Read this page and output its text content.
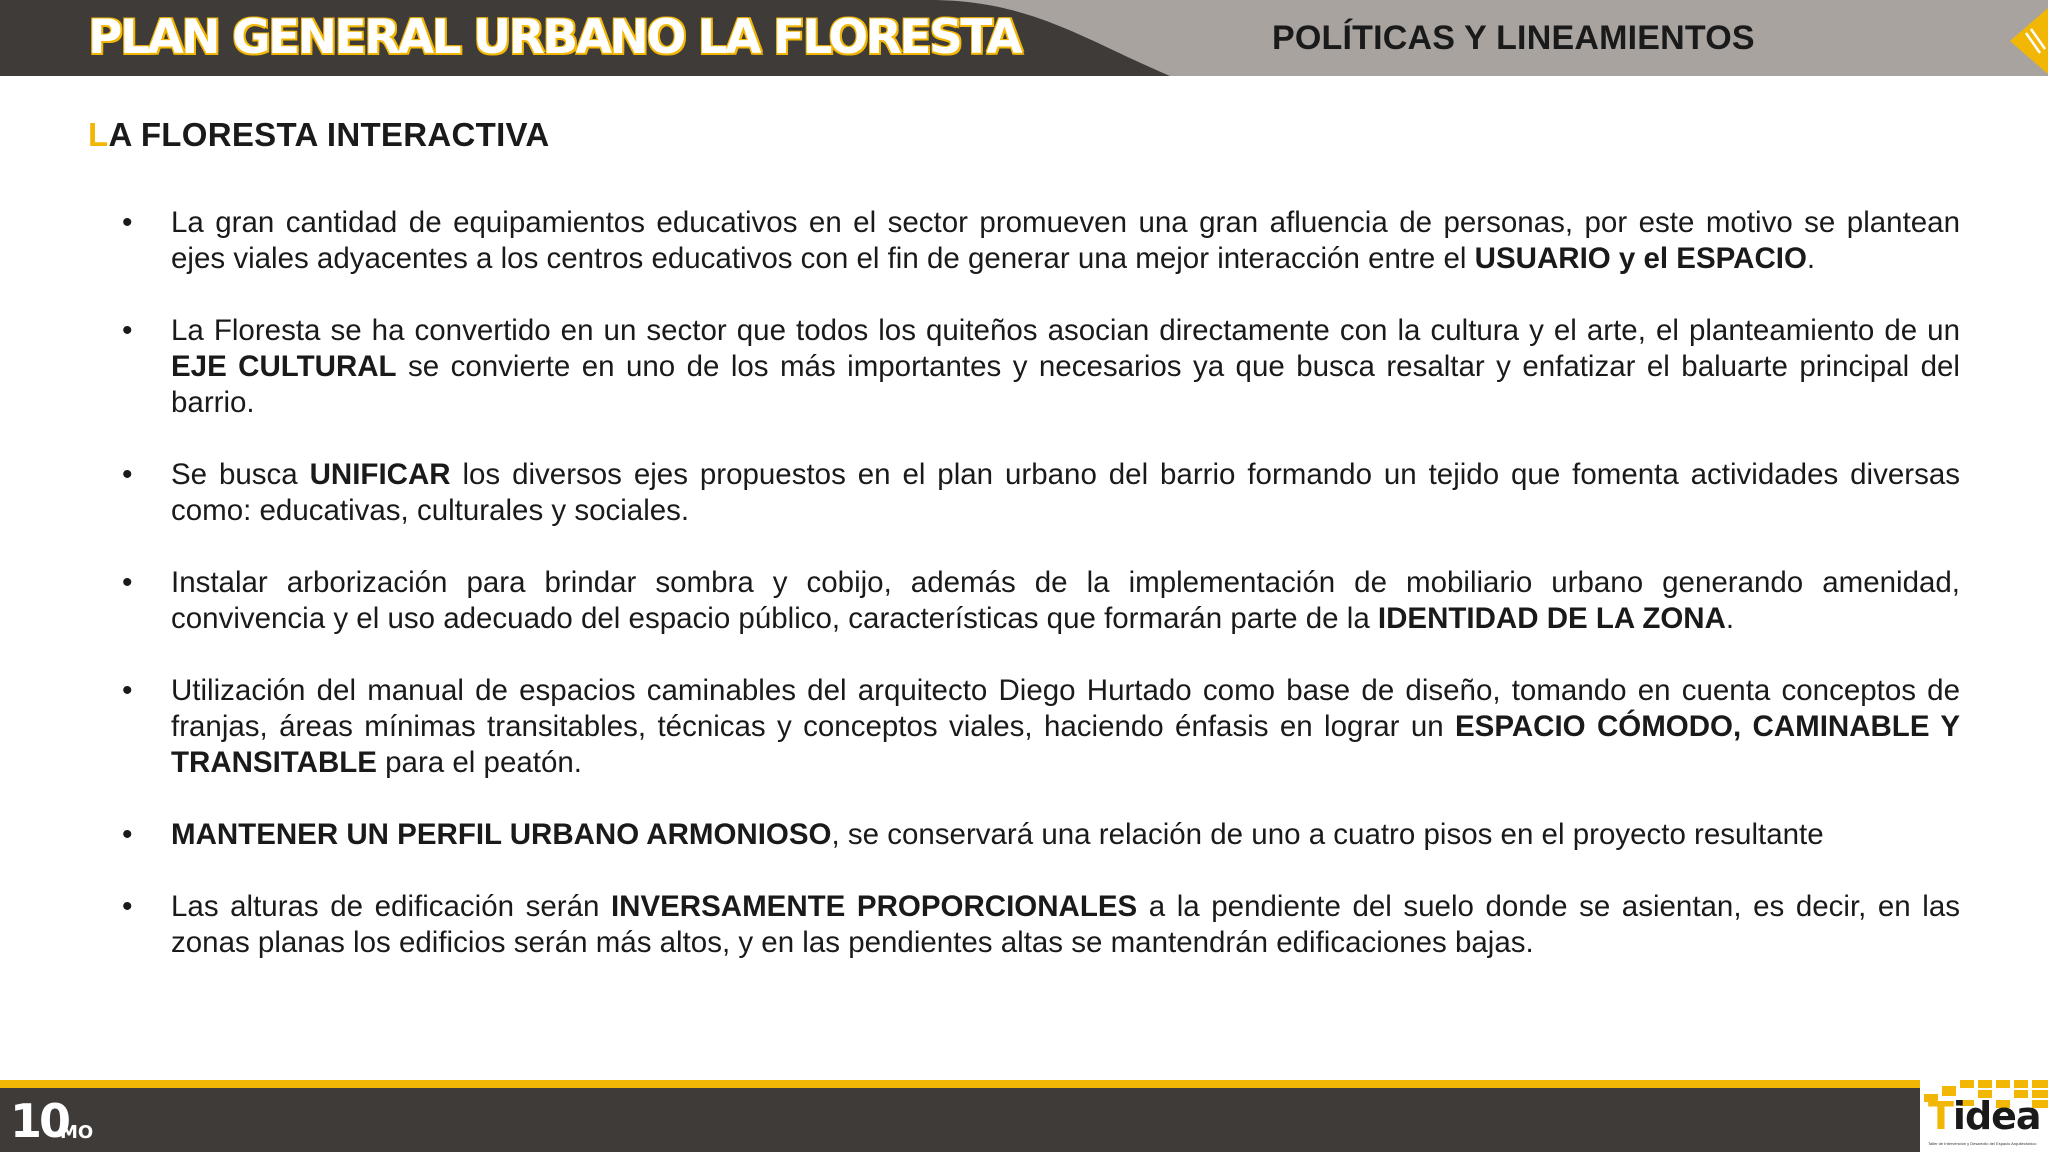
PLAN GENERAL URBANO LA FLORESTA	POLÍTICAS Y LINEAMIENTOS
LA FLORESTA INTERACTIVA
• La gran cantidad de equipamientos educativos en el sector promueven una gran afluencia de personas, por este motivo se plantean ejes viales adyacentes a los centros educativos con el fin de generar una mejor interacción entre el USUARIO y el ESPACIO.
• La Floresta se ha convertido en un sector que todos los quiteños asocian directamente con la cultura y el arte, el planteamiento de un EJE CULTURAL se convierte en uno de los más importantes y necesarios ya que busca resaltar y enfatizar el baluarte principal del barrio.
• Se busca UNIFICAR los diversos ejes propuestos en el plan urbano del barrio formando un tejido que fomenta actividades diversas como: educativas, culturales y sociales.
• Instalar arborización para brindar sombra y cobijo, además de la implementación de mobiliario urbano generando amenidad, convivencia y el uso adecuado del espacio público, características que formarán parte de la IDENTIDAD DE LA ZONA.
• Utilización del manual de espacios caminables del arquitecto Diego Hurtado como base de diseño, tomando en cuenta conceptos de franjas, áreas mínimas transitables, técnicas y conceptos viales, haciendo énfasis en lograr un ESPACIO CÓMODO, CAMINABLE Y TRANSITABLE para el peatón.
• MANTENER UN PERFIL URBANO ARMONIOSO, se conservará una relación de uno a cuatro pisos en el proyecto resultante
• Las alturas de edificación serán INVERSAMENTE PROPORCIONALES a la pendiente del suelo donde se asientan, es decir, en las zonas planas los edificios serán más altos, y en las pendientes altas se mantendrán edificaciones bajas.

10

MO	Tidea

Taller de Intervención y Desarrollo del Espacio Arquitectónico
